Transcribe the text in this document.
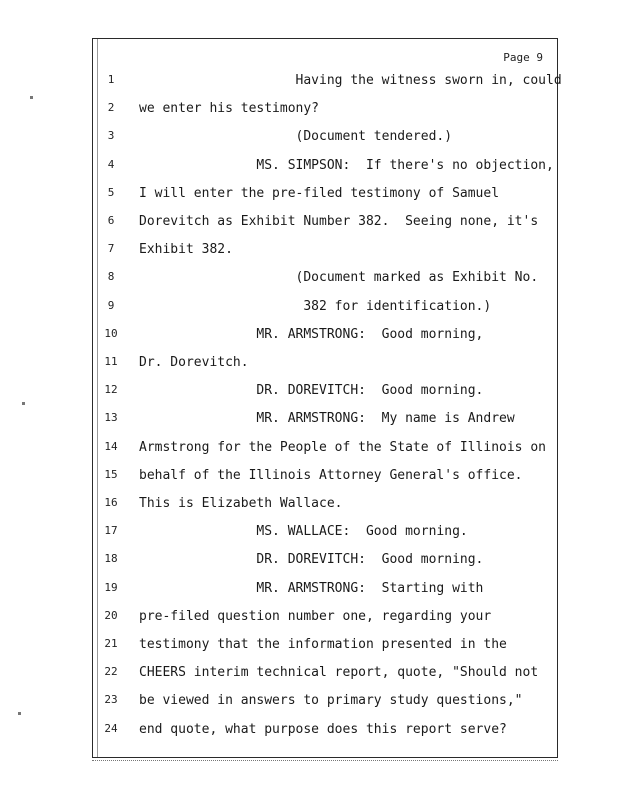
Page 9
1	Having the witness sworn in, could
2	we enter his testimony?
3	(Document tendered.)
4	MS. SIMPSON:  If there's no objection,
5	I will enter the pre-filed testimony of Samuel
6	Dorevitch as Exhibit Number 382.  Seeing none, it's
7	Exhibit 382.
8	(Document marked as Exhibit No.
9	382 for identification.)
10	MR. ARMSTRONG:  Good morning,
11	Dr. Dorevitch.
12	DR. DOREVITCH:  Good morning.
13	MR. ARMSTRONG:  My name is Andrew
14	Armstrong for the People of the State of Illinois on
15	behalf of the Illinois Attorney General's office.
16	This is Elizabeth Wallace.
17	MS. WALLACE:  Good morning.
18	DR. DOREVITCH:  Good morning.
19	MR. ARMSTRONG:  Starting with
20	pre-filed question number one, regarding your
21	testimony that the information presented in the
22	CHEERS interim technical report, quote, "Should not
23	be viewed in answers to primary study questions,"
24	end quote, what purpose does this report serve?
